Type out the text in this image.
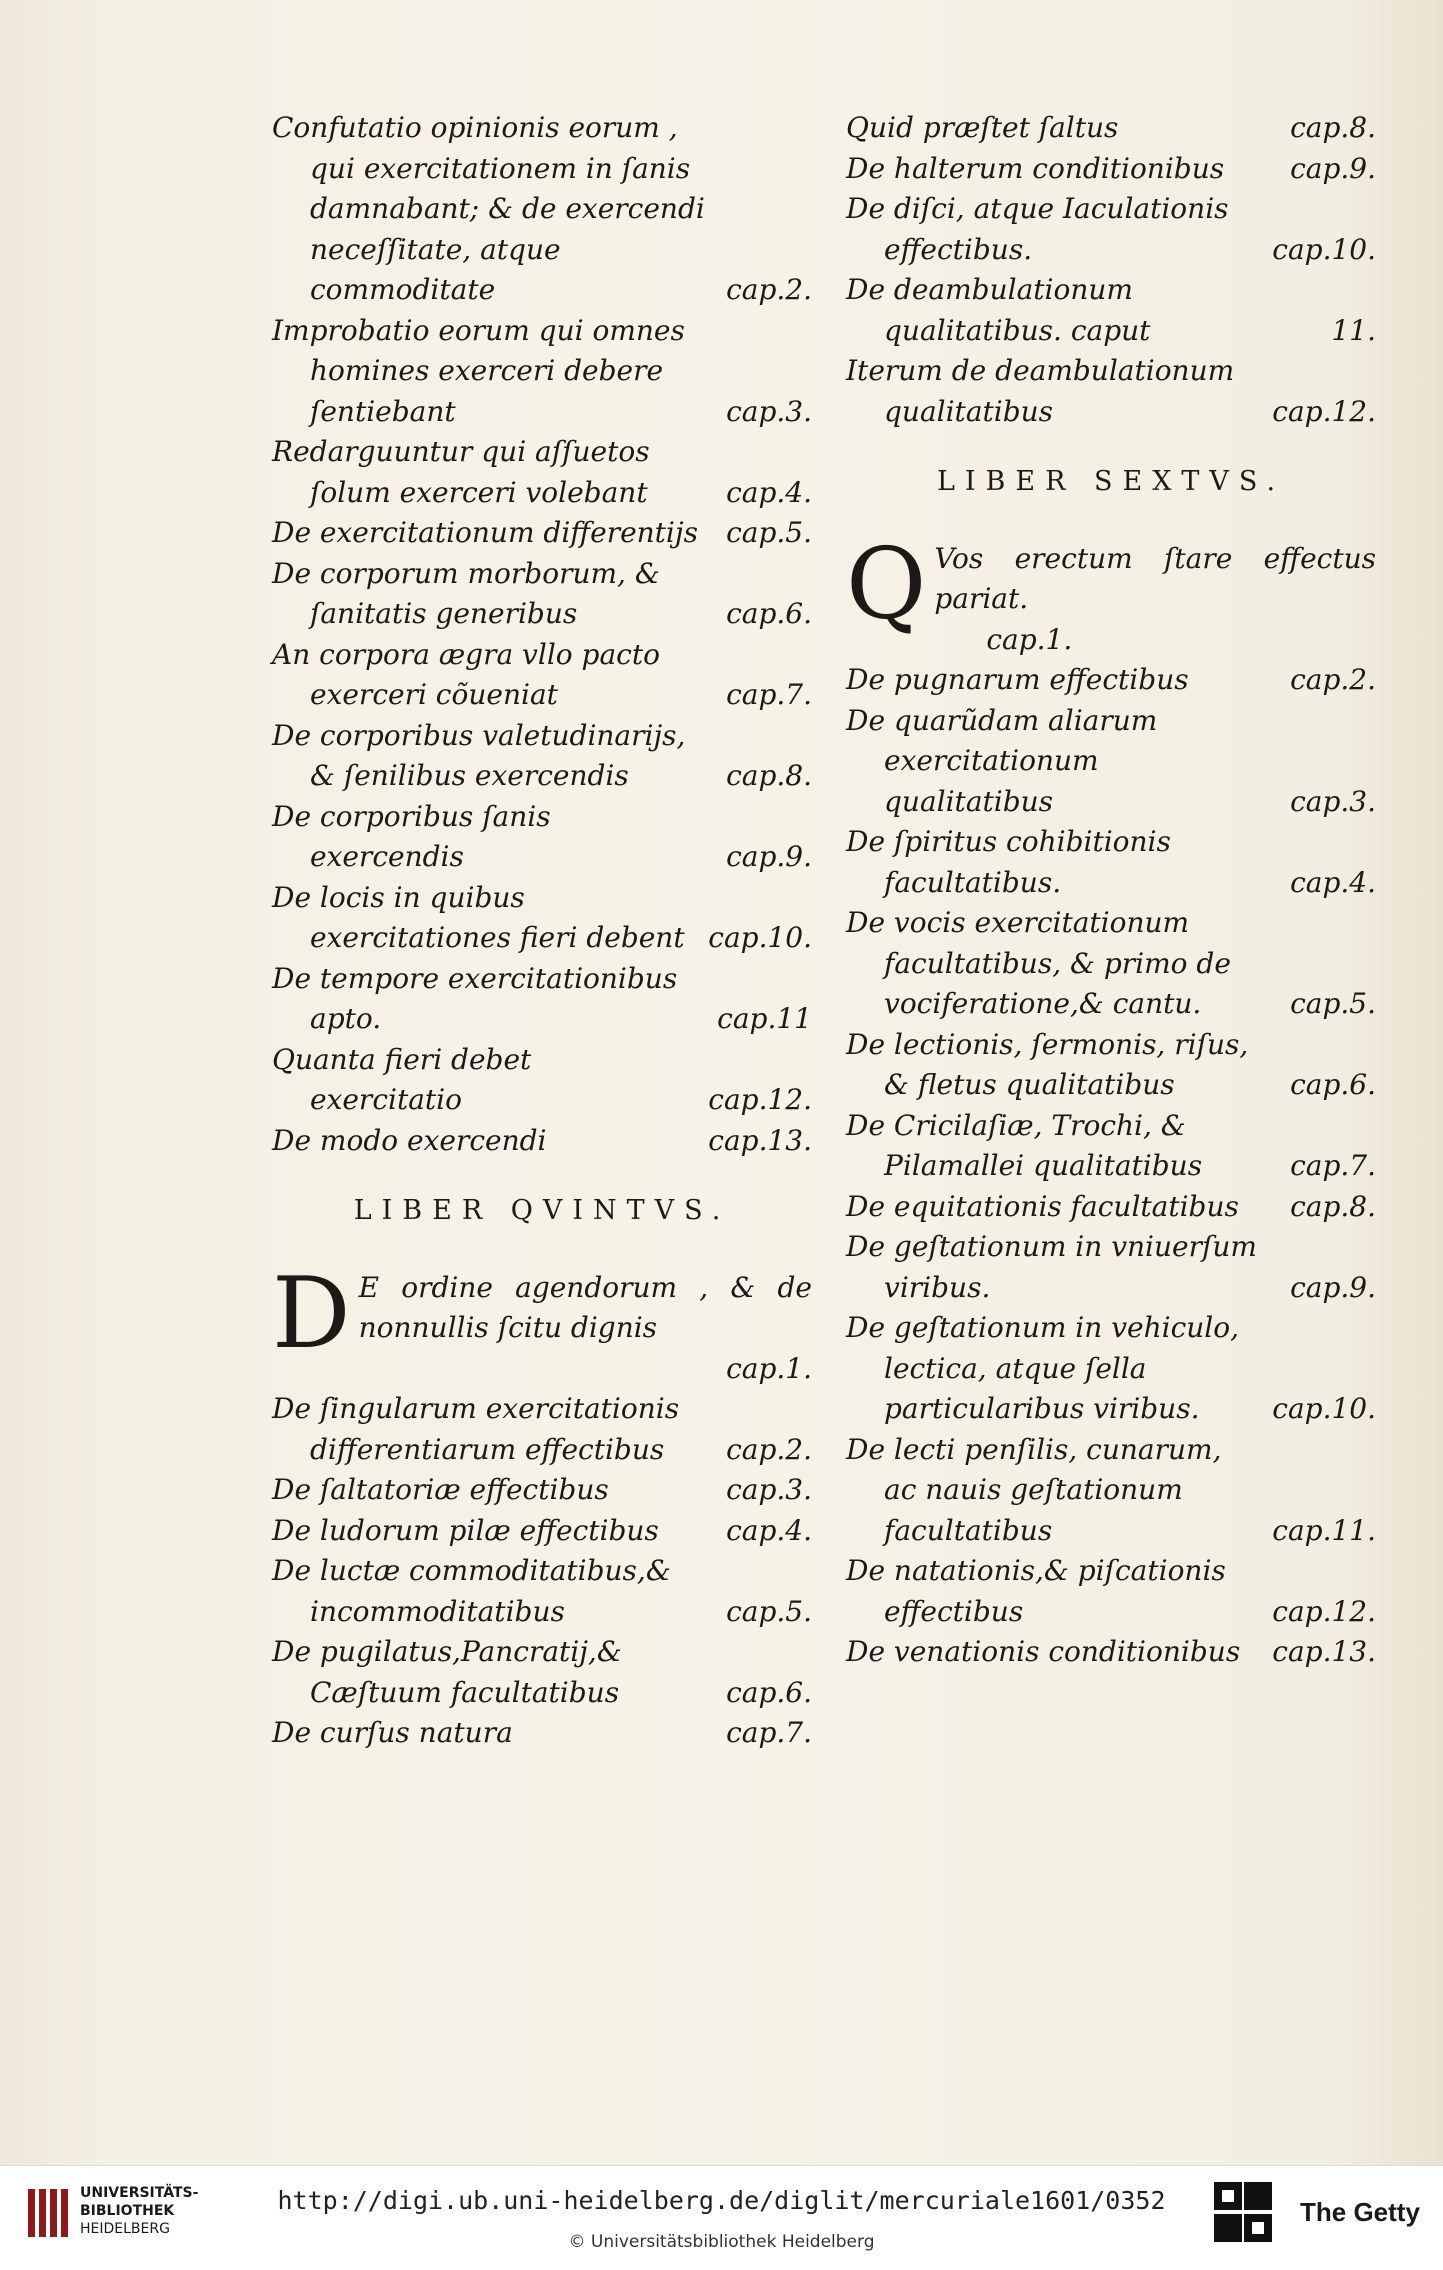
Confutatio opinionis eorum , qui exercitationem in ſanis damnabant; & de exercendi neceſſitate, atque commoditate	cap.2.
Improbatio eorum qui omnes homines exerceri debere ſentiebant	cap.3.
Redarguuntur qui aſſuetos ſolum exerceri volebant	cap.4.
De exercitationum differentijs	cap.5.
De corporum morborum, & ſanitatis generibus	cap.6.
An corpora ægra vllo pacto exerceri cõueniat	cap.7.
De corporibus valetudinarijs, & ſenilibus exercendis	cap.8.
De corporibus ſanis exercendis	cap.9.
De locis in quibus exercitationes fieri debent cap.10.
De tempore exercitationibus apto.	cap.11
Quanta fieri debet exercitatio	cap.12.
De modo exercendi	cap.13.
LIBER QVINTVS.
D E ordine agendorum , & de nonnullis ſcitu dignis
cap.1.
De ſingularum exercitationis differentiarum effectibus	cap.2.
De ſaltatoriæ effectibus	cap.3.
De ludorum pilæ effectibus	cap.4.
De luctæ commoditatibus,& incommoditatibus	cap.5.
De pugilatus,Pancratij,& Cæſtuum facultatibus	cap.6.
De curſus natura	cap.7.
Quid præſtet ſaltus	cap.8.
De halterum conditionibus	cap.9.
De diſci, atque Iaculationis effectibus.	cap.10.
De deambulationum qualitatibus. caput	11.
Iterum de deambulationum qualitatibus	cap.12.
LIBER SEXTVS.
Q Vos erectum ſtare effectus pariat.
cap.1.
De pugnarum effectibus	cap.2.
De quarũdam aliarum exercitationum qualitatibus	cap.3.
De ſpiritus cohibitionis facultatibus.	cap.4.
De vocis exercitationum facultatibus, & primo de vociferatione,& cantu.	cap.5.
De lectionis, ſermonis, riſus, & fletus qualitatibus	cap.6.
De Cricilaſiæ, Trochi, & Pilamallei qualitatibus	cap.7.
De equitationis facultatibus	cap.8.
De geſtationum in vniuerſum viribus.	cap.9.
De geſtationum in vehiculo, lectica, atque ſella particularibus viribus.	cap.10.
De lecti penſilis, cunarum, ac nauis geſtationum facultatibus	cap.11.
De natationis,& piſcationis effectibus	cap.12.
De venationis conditionibus	cap.13.
UNIVERSITÄTS-
BIBLIOTHEK
HEIDELBERG
http://digi.ub.uni-heidelberg.de/diglit/mercuriale1601/0352
© Universitätsbibliothek Heidelberg
The Getty
